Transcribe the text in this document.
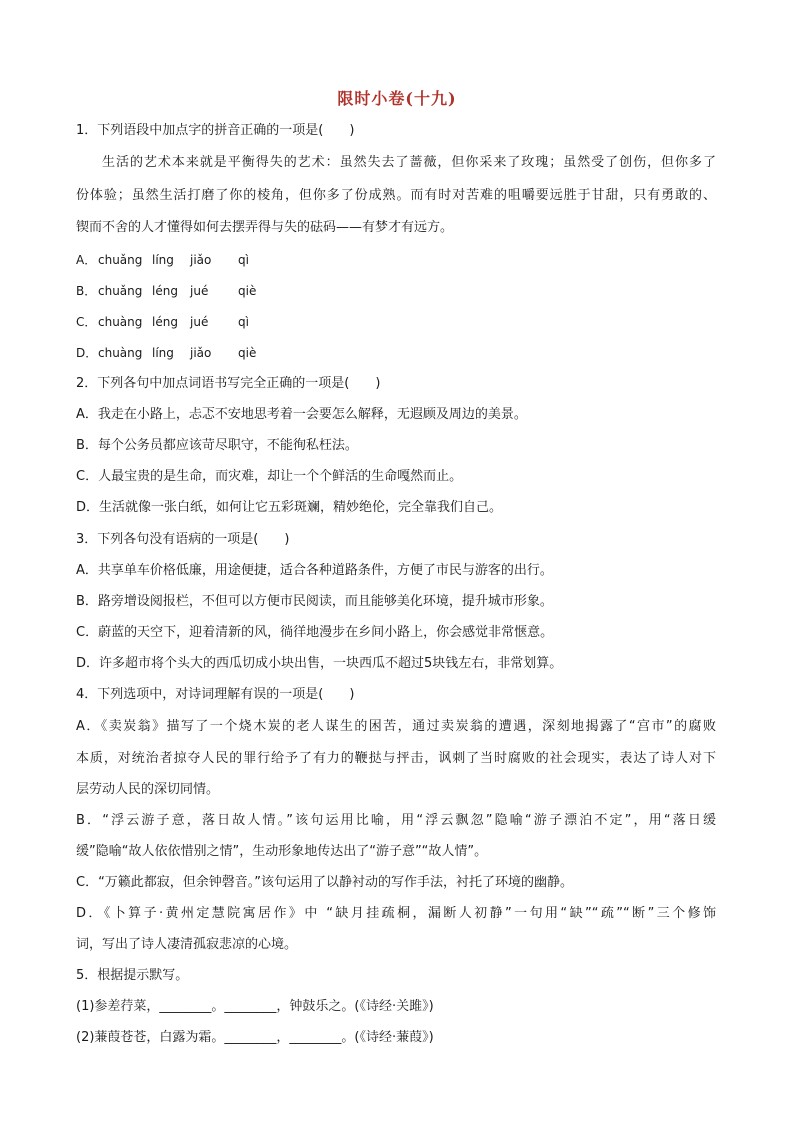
限时小卷(十九)
1．下列语段中加点字的拼音正确的一项是(　　)
生活的艺术本来就是平衡得失的艺术：虽然失去了蔷薇，但你采来了玫瑰；虽然受了创伤，但你多了
份体验；虽然生活打磨了你的棱角，但你多了份成熟。而有时对苦难的咀嚼要远胜于甘甜，只有勇敢的、
锲而不舍的人才懂得如何去摆弄得与失的砝码——有梦才有远方。
A． chuǎng líng jiǎo qì
B． chuǎng léng jué qiè
C． chuàng léng jué qì
D．chuàng líng jiǎo qiè
2．下列各句中加点词语书写完全正确的一项是(　　)
A．我走在小路上，忐忑不安地思考着一会要怎么解释，无遐顾及周边的美景。
B．每个公务员都应该苛尽职守，不能徇私枉法。
C．人最宝贵的是生命，而灾难，却让一个个鲜活的生命嘎然而止。
D．生活就像一张白纸，如何让它五彩斑斓，精妙绝伦，完全靠我们自己。
3．下列各句没有语病的一项是(　　)
A．共享单车价格低廉，用途便捷，适合各种道路条件，方便了市民与游客的出行。
B．路旁增设阅报栏，不但可以方便市民阅读，而且能够美化环境，提升城市形象。
C．蔚蓝的天空下，迎着清新的风，徜徉地漫步在乡间小路上，你会感觉非常惬意。
D．许多超市将个头大的西瓜切成小块出售，一块西瓜不超过5块钱左右，非常划算。
4．下列选项中，对诗词理解有误的一项是(　　)
A．《卖炭翁》描写了一个烧木炭的老人谋生的困苦，通过卖炭翁的遭遇，深刻地揭露了“宫市”的腐败
本质，对统治者掠夺人民的罪行给予了有力的鞭挞与抨击，讽刺了当时腐败的社会现实，表达了诗人对下
层劳动人民的深切同情。
B．“浮云游子意，落日故人情。”该句运用比喻，用“浮云飘忽”隐喻“游子漂泊不定”，用“落日缓
缓”隐喻“故人依依惜别之情”，生动形象地传达出了“游子意”“故人情”。
C．“万籁此都寂，但余钟磬音。”该句运用了以静衬动的写作手法，衬托了环境的幽静。
D．《卜算子·黄州定慧院寓居作》中 “缺月挂疏桐，漏断人初静”一句用“缺”“疏”“断”三个修饰
词，写出了诗人凄清孤寂悲凉的心境。
5．根据提示默写。
(1)参差荇菜，________。________，钟鼓乐之。(《诗经·关雎》)
(2)蒹葭苍苍，白露为霜。________，________。(《诗经·蒹葭》)
